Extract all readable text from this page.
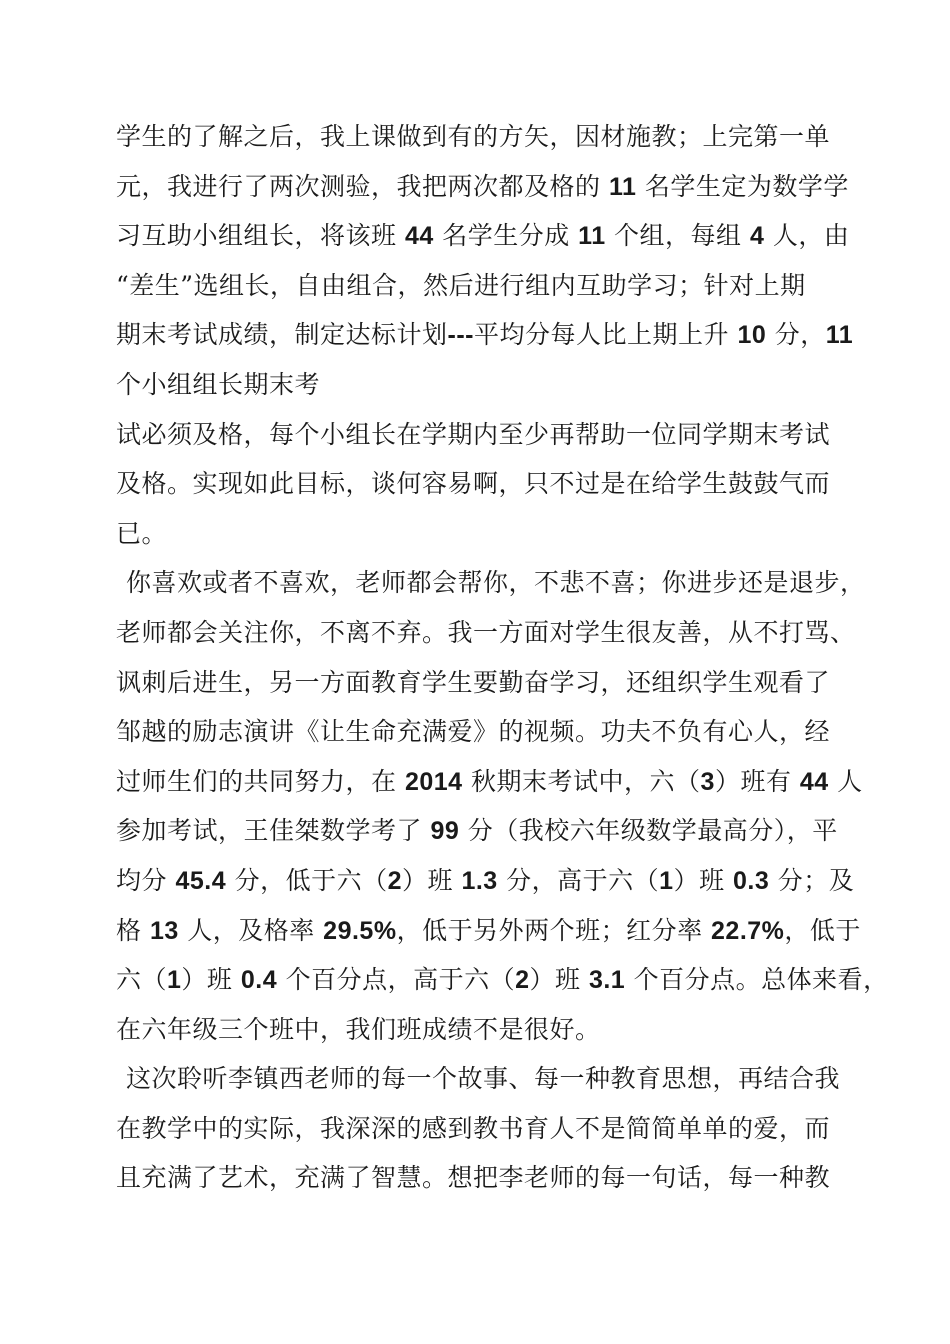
学生的了解之后，我上课做到有的方矢，因材施教；上完第一单
元，我进行了两次测验，我把两次都及格的 11 名学生定为数学学
习互助小组组长，将该班 44 名学生分成 11 个组，每组 4 人，由
“差生”选组长，自由组合，然后进行组内互助学习；针对上期
期末考试成绩，制定达标计划---平均分每人比上期上升 10 分，11
个小组组长期末考
试必须及格，每个小组长在学期内至少再帮助一位同学期末考试
及格。实现如此目标，谈何容易啊，只不过是在给学生鼓鼓气而
已。
你喜欢或者不喜欢，老师都会帮你，不悲不喜；你进步还是退步，
老师都会关注你，不离不弃。我一方面对学生很友善，从不打骂、
讽刺后进生，另一方面教育学生要勤奋学习，还组织学生观看了
邹越的励志演讲《让生命充满爱》的视频。功夫不负有心人，经
过师生们的共同努力，在 2014 秋期末考试中，六（3）班有 44 人
参加考试，王佳桀数学考了 99 分（我校六年级数学最高分），平
均分 45.4 分，低于六（2）班 1.3 分，高于六（1）班 0.3 分；及
格 13 人，及格率 29.5%，低于另外两个班；红分率 22.7%，低于
六（1）班 0.4 个百分点，高于六（2）班 3.1 个百分点。总体来看，
在六年级三个班中，我们班成绩不是很好。
这次聆听李镇西老师的每一个故事、每一种教育思想，再结合我
在教学中的实际，我深深的感到教书育人不是简简单单的爱，而
且充满了艺术，充满了智慧。想把李老师的每一句话，每一种教
